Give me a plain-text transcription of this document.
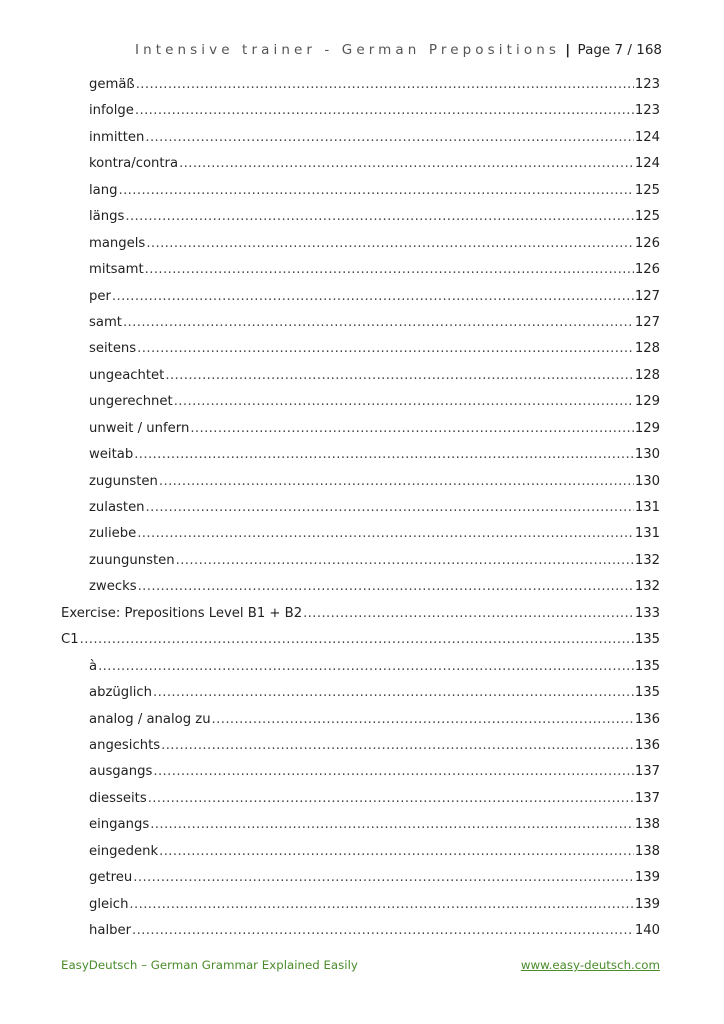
Intensive trainer - German Prepositions | Page 7 / 168
gemäß .....	123
infolge .....	123
inmitten .....	124
kontra/contra .....	124
lang .....	125
längs .....	125
mangels .....	126
mitsamt .....	126
per .....	127
samt .....	127
seitens .....	128
ungeachtet .....	128
ungerechnet .....	129
unweit / unfern .....	129
weitab .....	130
zugunsten .....	130
zulasten .....	131
zuliebe .....	131
zuungunsten .....	132
zwecks .....	132
Exercise: Prepositions Level B1 + B2 .....	133
C1 .....	135
à .....	135
abzüglich .....	135
analog / analog zu .....	136
angesichts .....	136
ausgangs .....	137
diesseits .....	137
eingangs .....	138
eingedenk .....	138
getreu .....	139
gleich .....	139
halber .....	140
EasyDeutsch – German Grammar Explained Easily	www.easy-deutsch.com
